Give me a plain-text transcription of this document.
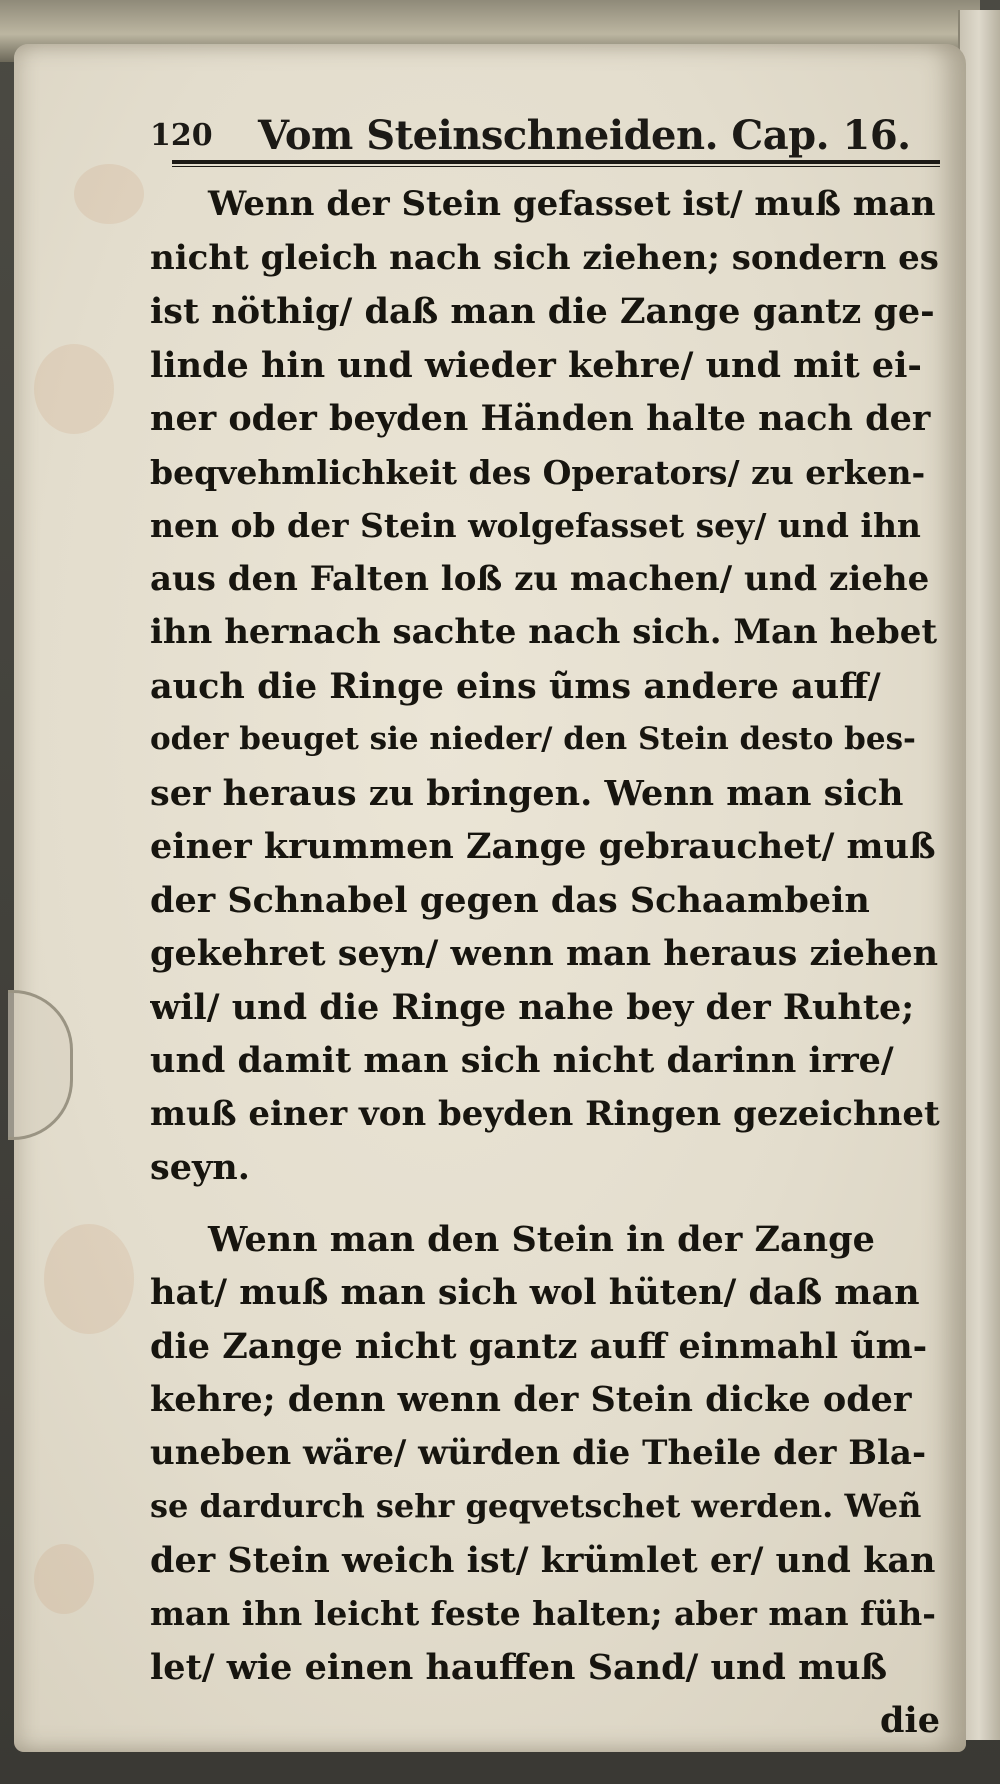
120 Vom Steinschneiden. Cap. 16.
Wenn der Stein gefasset ist/ muß man
nicht gleich nach sich ziehen; sondern es
ist nöthig/ daß man die Zange gantz ge-
linde hin und wieder kehre/ und mit ei-
ner oder beyden Händen halte nach der
beqvehmlichkeit des Operators/ zu erken-
nen ob der Stein wolgefasset sey/ und ihn
aus den Falten loß zu machen/ und ziehe
ihn hernach sachte nach sich. Man hebet
auch die Ringe eins ũms andere auff/
oder beuget sie nieder/ den Stein desto bes-
ser heraus zu bringen. Wenn man sich
einer krummen Zange gebrauchet/ muß
der Schnabel gegen das Schaambein
gekehret seyn/ wenn man heraus ziehen
wil/ und die Ringe nahe bey der Ruhte;
und damit man sich nicht darinn irre/
muß einer von beyden Ringen gezeichnet
seyn.
Wenn man den Stein in der Zange
hat/ muß man sich wol hüten/ daß man
die Zange nicht gantz auff einmahl ũm-
kehre; denn wenn der Stein dicke oder
uneben wäre/ würden die Theile der Bla-
se dardurch sehr geqvetschet werden. Weñ
der Stein weich ist/ krümlet er/ und kan
man ihn leicht feste halten; aber man füh-
let/ wie einen hauffen Sand/ und muß
die
